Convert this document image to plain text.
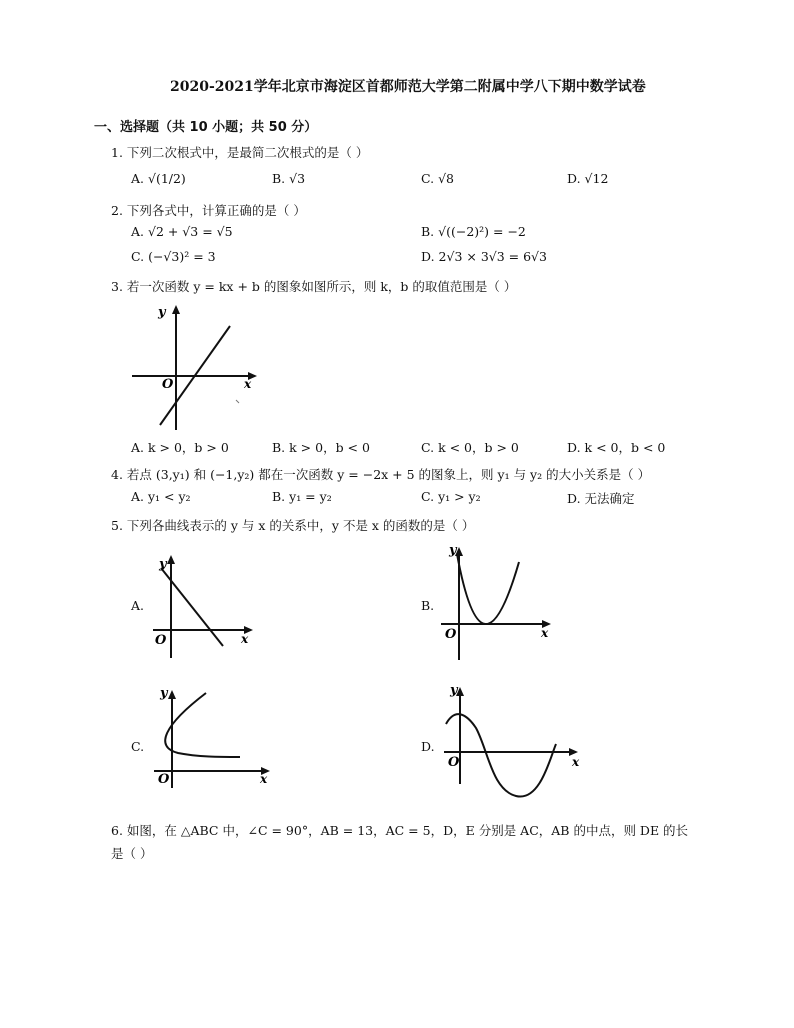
2020-2021学年北京市海淀区首都师范大学第二附属中学八下期中数学试卷
一、选择题（共 10 小题；共 50 分）
1. 下列二次根式中，是最简二次根式的是（ ）
A. √(1/2)	B. √3	C. √8	D. √12
2. 下列各式中，计算正确的是（ ）
A. √2 + √3 = √5	B. √((−2)²) = −2
C. (−√3)² = 3	D. 2√3 × 3√3 = 6√3
3. 若一次函数 y = kx + b 的图象如图所示，则 k，b 的取值范围是（ ）
y
O	x
A. k > 0，b > 0	B. k > 0，b < 0	C. k < 0，b > 0	D. k < 0，b < 0
4. 若点 (3,y₁) 和 (−1,y₂) 都在一次函数 y = −2x + 5 的图象上，则 y₁ 与 y₂ 的大小关系是（ ）
A. y₁ < y₂	B. y₁ = y₂	C. y₁ > y₂	D. 无法确定
5. 下列各曲线表示的 y 与 x 的关系中，y 不是 x 的函数的是（ ）
A.
y
O	x
B.
y
O	x
C.
y
O	x
D.
y
O	x
6. 如图，在 △ABC 中，∠C = 90°，AB = 13，AC = 5，D，E 分别是 AC，AB 的中点，则 DE 的长
是（ ）
